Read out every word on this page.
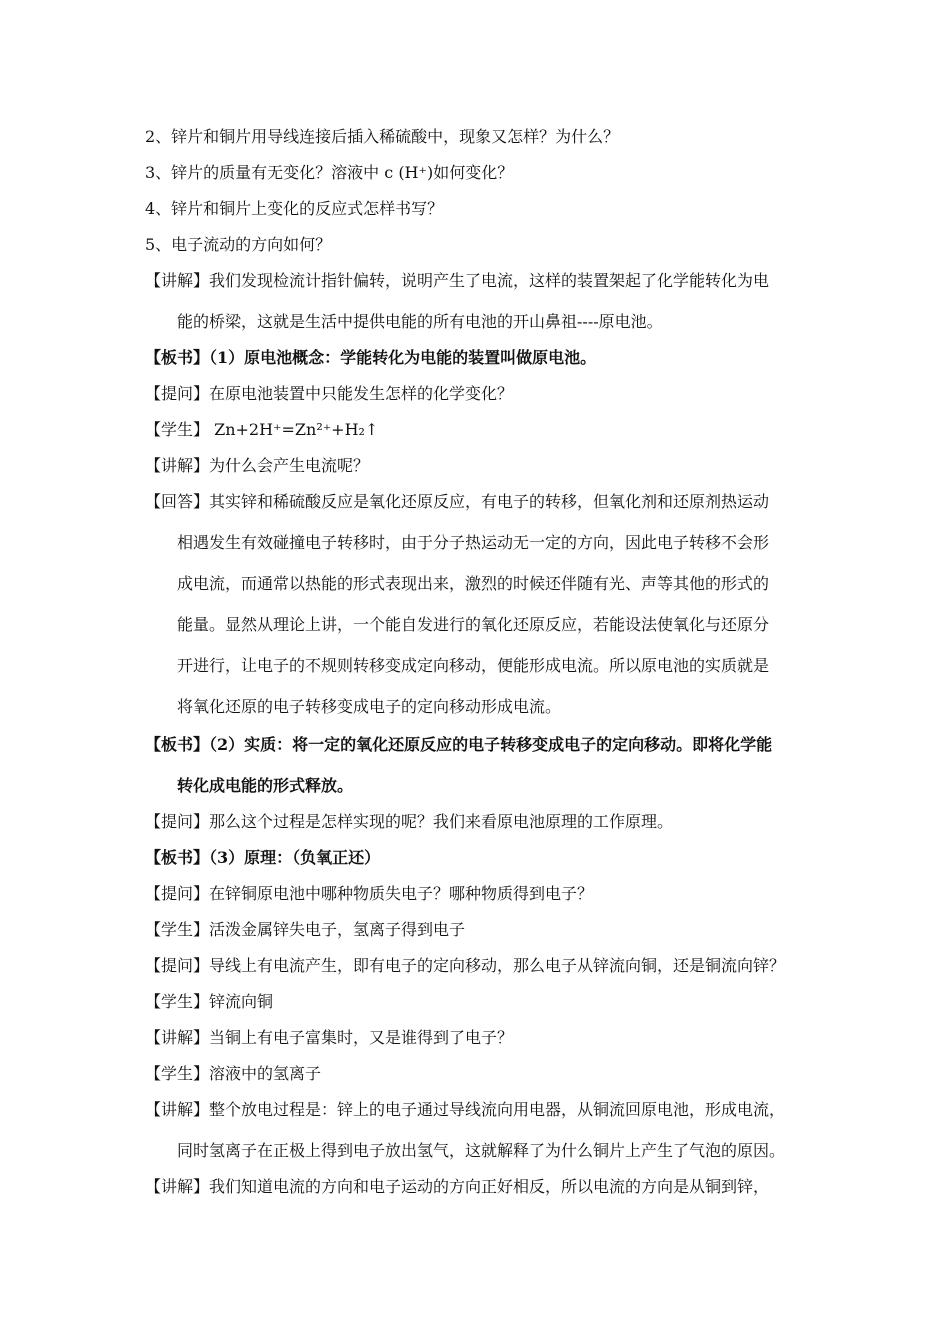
2、锌片和铜片用导线连接后插入稀硫酸中，现象又怎样？为什么？
3、锌片的质量有无变化？溶液中 c (H⁺)如何变化？
4、锌片和铜片上变化的反应式怎样书写？
5、电子流动的方向如何？
【讲解】我们发现检流计指针偏转，说明产生了电流，这样的装置架起了化学能转化为电
能的桥梁，这就是生活中提供电能的所有电池的开山鼻祖----原电池。
【板书】（1）原电池概念：学能转化为电能的装置叫做原电池。
【提问】在原电池装置中只能发生怎样的化学变化？
【学生】 Zn+2H⁺=Zn²⁺+H₂↑
【讲解】为什么会产生电流呢？
【回答】其实锌和稀硫酸反应是氧化还原反应，有电子的转移，但氧化剂和还原剂热运动
相遇发生有效碰撞电子转移时，由于分子热运动无一定的方向，因此电子转移不会形
成电流，而通常以热能的形式表现出来，激烈的时候还伴随有光、声等其他的形式的
能量。显然从理论上讲，一个能自发进行的氧化还原反应，若能设法使氧化与还原分
开进行，让电子的不规则转移变成定向移动，便能形成电流。所以原电池的实质就是
将氧化还原的电子转移变成电子的定向移动形成电流。
【板书】（2）实质：将一定的氧化还原反应的电子转移变成电子的定向移动。即将化学能
转化成电能的形式释放。
【提问】那么这个过程是怎样实现的呢？我们来看原电池原理的工作原理。
【板书】（3）原理：（负氧正还）
【提问】在锌铜原电池中哪种物质失电子？哪种物质得到电子？
【学生】活泼金属锌失电子，氢离子得到电子
【提问】导线上有电流产生，即有电子的定向移动，那么电子从锌流向铜，还是铜流向锌？
【学生】锌流向铜
【讲解】当铜上有电子富集时，又是谁得到了电子？
【学生】溶液中的氢离子
【讲解】整个放电过程是：锌上的电子通过导线流向用电器，从铜流回原电池，形成电流，
同时氢离子在正极上得到电子放出氢气，这就解释了为什么铜片上产生了气泡的原因。
【讲解】我们知道电流的方向和电子运动的方向正好相反，所以电流的方向是从铜到锌，
